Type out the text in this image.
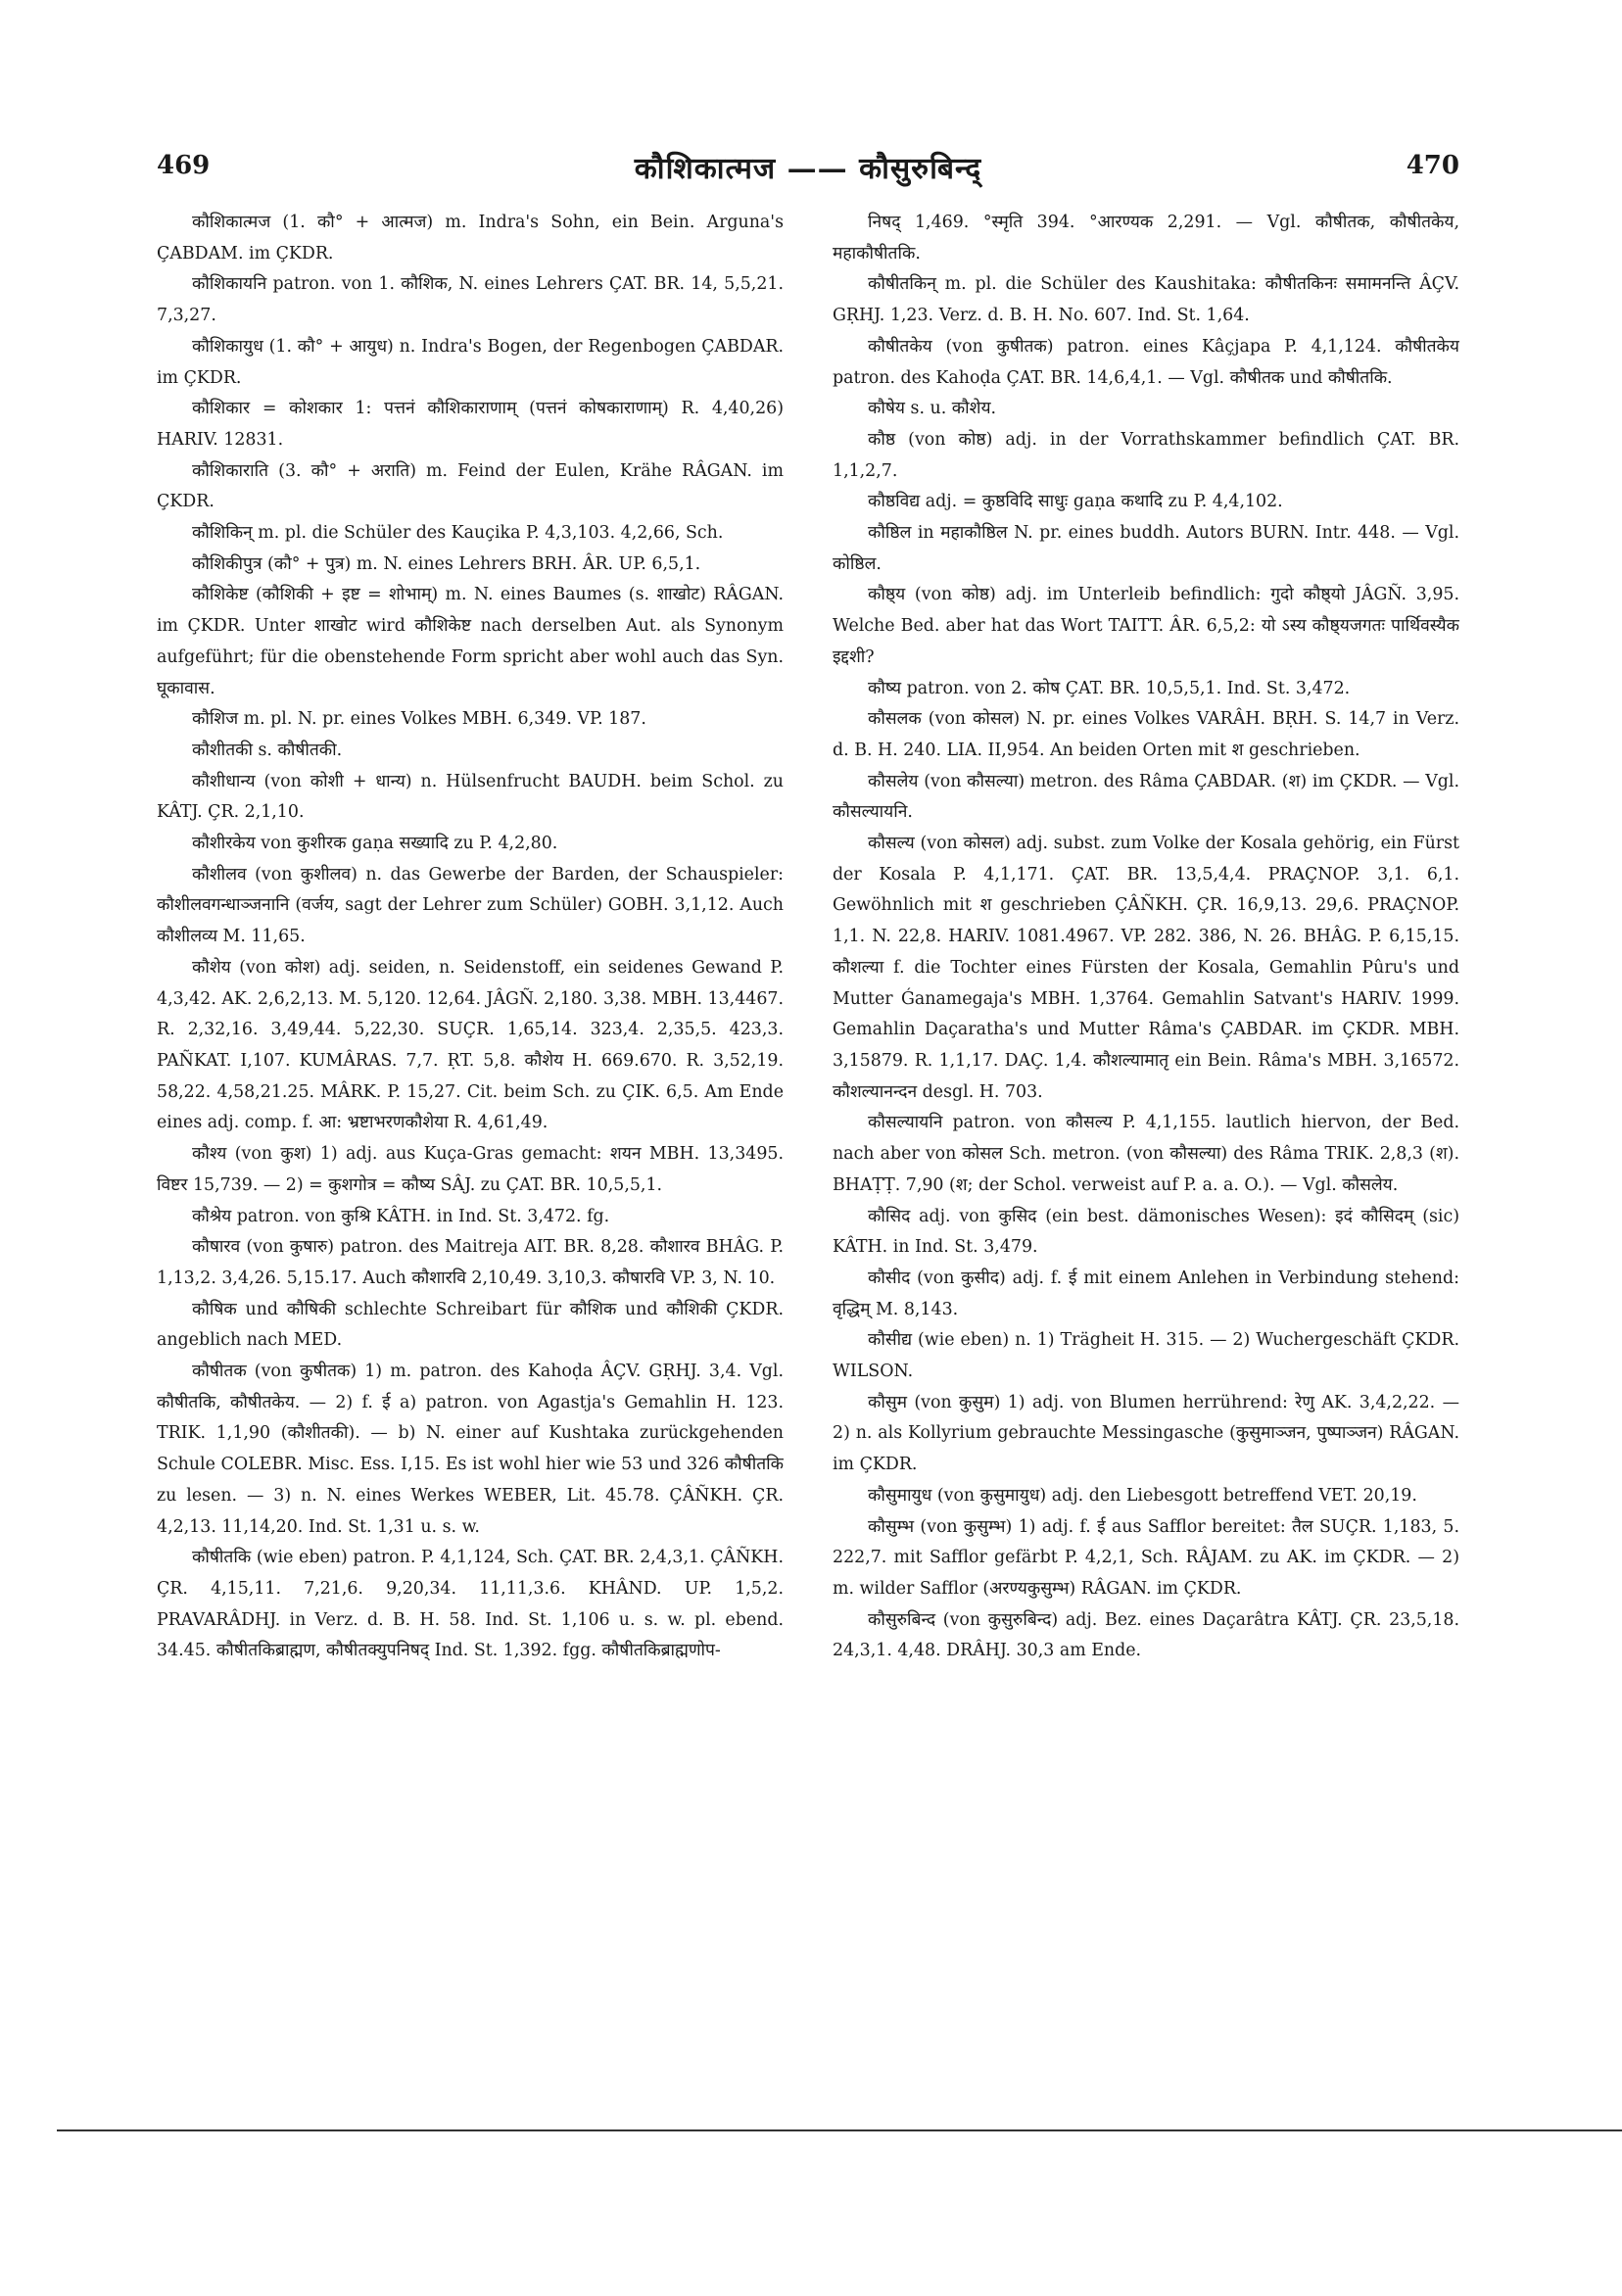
469	कौशिकात्मज —— कौसुरुबिन्द्	470

कौशिकात्मज (1. कौ° + आत्मज) m. Indra's Sohn, ein Bein. Arguna's ÇABDAM. im ÇKDR.

कौशिकायनि patron. von 1. कौशिक, N. eines Lehrers ÇAT. BR. 14, 5,5,21. 7,3,27.

कौशिकायुध (1. कौ° + आयुध) n. Indra's Bogen, der Regenbogen ÇABDAR. im ÇKDR.

कौशिकार = कोशकार 1: पत्तनं कौशिकाराणाम् (पत्तनं कोषकाराणाम्) R. 4,40,26) HARIV. 12831.

कौशिकाराति (3. कौ° + अराति) m. Feind der Eulen, Krähe RÂGAN. im ÇKDR.

कौशिकिन् m. pl. die Schüler des Kauçika P. 4,3,103. 4,2,66, Sch.

कौशिकीपुत्र (कौ° + पुत्र) m. N. eines Lehrers BRH. ÂR. UP. 6,5,1.

कौशिकेष्ट (कौशिकी + इष्ट = शोभाम्) m. N. eines Baumes (s. शाखोट) RÂGAN. im ÇKDR. Unter शाखोट wird कौशिकेष्ट nach derselben Aut. als Synonym aufgeführt; für die obenstehende Form spricht aber wohl auch das Syn. घूकावास.

कौशिज m. pl. N. pr. eines Volkes MBH. 6,349. VP. 187.

कौशीतकी s. कौषीतकी.

कौशीधान्य (von कोशी + धान्य) n. Hülsenfrucht BAUDH. beim Schol. zu KÂTJ. ÇR. 2,1,10.

कौशीरकेय von कुशीरक gaṇa सख्यादि zu P. 4,2,80.

कौशीलव (von कुशीलव) n. das Gewerbe der Barden, der Schauspieler: कौशीलवगन्धाञ्जनानि (वर्जय, sagt der Lehrer zum Schüler) GOBH. 3,1,12. Auch कौशीलव्य M. 11,65.

कौशेय (von कोश) adj. seiden, n. Seidenstoff, ein seidenes Gewand P. 4,3,42. AK. 2,6,2,13. M. 5,120. 12,64. JÂGÑ. 2,180. 3,38. MBH. 13,4467. R. 2,32,16. 3,49,44. 5,22,30. SUÇR. 1,65,14. 323,4. 2,35,5. 423,3. PAÑKAT. I,107. KUMÂRAS. 7,7. ṚT. 5,8. कौशेय H. 669.670. R. 3,52,19. 58,22. 4,58,21.25. MÂRK. P. 15,27. Cit. beim Sch. zu ÇIK. 6,5. Am Ende eines adj. comp. f. आ: भ्रष्टाभरणकौशेया R. 4,61,49.

कौश्य (von कुश) 1) adj. aus Kuça-Gras gemacht: शयन MBH. 13,3495. विष्टर 15,739. — 2) = कुशगोत्र = कौष्य SÂJ. zu ÇAT. BR. 10,5,5,1.

कौश्रेय patron. von कुश्रि KÂTH. in Ind. St. 3,472. fg.

कौषारव (von कुषारु) patron. des Maitreja AIT. BR. 8,28. कौशारव BHÂG. P. 1,13,2. 3,4,26. 5,15.17. Auch कौशारवि 2,10,49. 3,10,3. कौषारवि VP. 3, N. 10.

कौषिक und कौषिकी schlechte Schreibart für कौशिक und कौशिकी ÇKDR. angeblich nach MED.

कौषीतक (von कुषीतक) 1) m. patron. des Kahoḍa ÂÇV. GṚHJ. 3,4. Vgl. कौषीतकि, कौषीतकेय. — 2) f. ई a) patron. von Agastja's Gemahlin H. 123. TRIK. 1,1,90 (कौशीतकी). — b) N. einer auf Kushtaka zurückgehenden Schule COLEBR. Misc. Ess. I,15. Es ist wohl hier wie 53 und 326 कौषीतकि zu lesen. — 3) n. N. eines Werkes WEBER, Lit. 45.78. ÇÂÑKH. ÇR. 4,2,13. 11,14,20. Ind. St. 1,31 u. s. w.

कौषीतकि (wie eben) patron. P. 4,1,124, Sch. ÇAT. BR. 2,4,3,1. ÇÂÑKH. ÇR. 4,15,11. 7,21,6. 9,20,34. 11,11,3.6. KHÂND. UP. 1,5,2. PRAVARÂDHJ. in Verz. d. B. H. 58. Ind. St. 1,106 u. s. w. pl. ebend. 34.45. कौषीतकिब्राह्मण, कौषीतक्युपनिषद् Ind. St. 1,392. fgg. कौषीतकिब्राह्मणोप-

निषद् 1,469. °स्मृति 394. °आरण्यक 2,291. — Vgl. कौषीतक, कौषीतकेय, महाकौषीतकि.

कौषीतकिन् m. pl. die Schüler des Kaushitaka: कौषीतकिनः समामनन्ति ÂÇV. GṚHJ. 1,23. Verz. d. B. H. No. 607. Ind. St. 1,64.

कौषीतकेय (von कुषीतक) patron. eines Kâçjapa P. 4,1,124. कौषीतकेय patron. des Kahoḍa ÇAT. BR. 14,6,4,1. — Vgl. कौषीतक und कौषीतकि.

कौषेय s. u. कौशेय.

कौष्ठ (von कोष्ठ) adj. in der Vorrathskammer befindlich ÇAT. BR. 1,1,2,7.

कौष्ठविद्य adj. = कुष्ठविदि साधुः gaṇa कथादि zu P. 4,4,102.

कौष्ठिल in महाकौष्ठिल N. pr. eines buddh. Autors BURN. Intr. 448. — Vgl. कोष्ठिल.

कौष्ठ्य (von कोष्ठ) adj. im Unterleib befindlich: गुदो कौष्ठ्यो JÂGÑ. 3,95. Welche Bed. aber hat das Wort TAITT. ÂR. 6,5,2: यो ऽस्य कौष्ठ्यजगतः पार्थिवस्यैक इद्दशी?

कौष्य patron. von 2. कोष ÇAT. BR. 10,5,5,1. Ind. St. 3,472.

कौसलक (von कोसल) N. pr. eines Volkes VARÂH. BṚH. S. 14,7 in Verz. d. B. H. 240. LIA. II,954. An beiden Orten mit श geschrieben.

कौसलेय (von कौसल्या) metron. des Râma ÇABDAR. (श) im ÇKDR. — Vgl. कौसल्यायनि.

कौसल्य (von कोसल) adj. subst. zum Volke der Kosala gehörig, ein Fürst der Kosala P. 4,1,171. ÇAT. BR. 13,5,4,4. PRAÇNOP. 3,1. 6,1. Gewöhnlich mit श geschrieben ÇÂÑKH. ÇR. 16,9,13. 29,6. PRAÇNOP. 1,1. N. 22,8. HARIV. 1081.4967. VP. 282. 386, N. 26. BHÂG. P. 6,15,15. कौशल्या f. die Tochter eines Fürsten der Kosala, Gemahlin Pûru's und Mutter Ǵanamegaja's MBH. 1,3764. Gemahlin Satvant's HARIV. 1999. Gemahlin Daçaratha's und Mutter Râma's ÇABDAR. im ÇKDR. MBH. 3,15879. R. 1,1,17. DAÇ. 1,4. कौशल्यामातृ ein Bein. Râma's MBH. 3,16572. कौशल्यानन्दन desgl. H. 703.

कौसल्यायनि patron. von कौसल्य P. 4,1,155. lautlich hiervon, der Bed. nach aber von कोसल Sch. metron. (von कौसल्या) des Râma TRIK. 2,8,3 (श). BHAṬṬ. 7,90 (श; der Schol. verweist auf P. a. a. O.). — Vgl. कौसलेय.

कौसिद adj. von कुसिद (ein best. dämonisches Wesen): इदं कौसिदम् (sic) KÂTH. in Ind. St. 3,479.

कौसीद (von कुसीद) adj. f. ई mit einem Anlehen in Verbindung stehend: वृद्धिम् M. 8,143.

कौसीद्य (wie eben) n. 1) Trägheit H. 315. — 2) Wuchergeschäft ÇKDR. WILSON.

कौसुम (von कुसुम) 1) adj. von Blumen herrührend: रेणु AK. 3,4,2,22. — 2) n. als Kollyrium gebrauchte Messingasche (कुसुमाञ्जन, पुष्पाञ्जन) RÂGAN. im ÇKDR.

कौसुमायुध (von कुसुमायुध) adj. den Liebesgott betreffend VET. 20,19.

कौसुम्भ (von कुसुम्भ) 1) adj. f. ई aus Safflor bereitet: तैल SUÇR. 1,183, 5. 222,7. mit Safflor gefärbt P. 4,2,1, Sch. RÂJAM. zu AK. im ÇKDR. — 2) m. wilder Safflor (अरण्यकुसुम्भ) RÂGAN. im ÇKDR.

कौसुरुबिन्द (von कुसुरुबिन्द) adj. Bez. eines Daçarâtra KÂTJ. ÇR. 23,5,18. 24,3,1. 4,48. DRÂHJ. 30,3 am Ende.
